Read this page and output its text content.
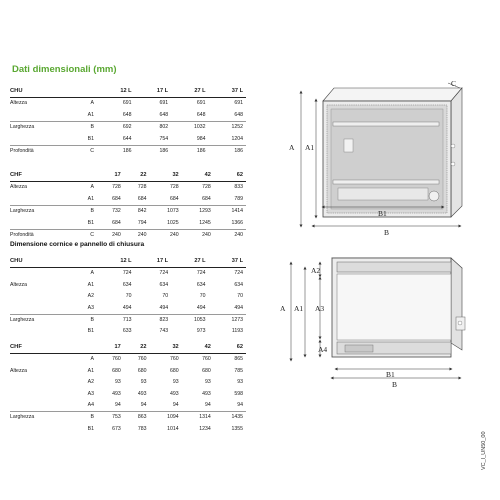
Dati dimensionali (mm)
CHU		12 L	17 L	27 L	37 L
Altezza	A	691	691	691	691
	A1	648	648	648	648
Larghezza	B	692	802	1032	1252
	B1	644	754	984	1204
Profondità	C	186	186	186	186
CHF		17	22	32	42	62
Altezza	A	728	728	728	728	833
	A1	684	684	684	684	789
Larghezza	B	732	842	1073	1293	1414
	B1	684	794	1025	1245	1366
Profondità	C	240	240	240	240	240
Dimensione cornice e pannello di chiusura
CHU		12 L	17 L	27 L	37 L
	A	724	724	724	724
Altezza	A1	634	634	634	634
	A2	70	70	70	70
	A3	494	494	494	494
Larghezza	B	713	823	1053	1273
	B1	633	743	973	1193
CHF		17	22	32	42	62
	A	760	760	760	760	865
Altezza	A1	680	680	680	680	785
	A2	93	93	93	93	93
	A3	493	493	493	493	598
	A4	94	94	94	94	94
Larghezza	B	753	863	1094	1314	1435
	B1	673	783	1014	1234	1355
A A1
B1
B
C
A A1
A2
A3
A4
B1
B
VC_I_UN50_00
